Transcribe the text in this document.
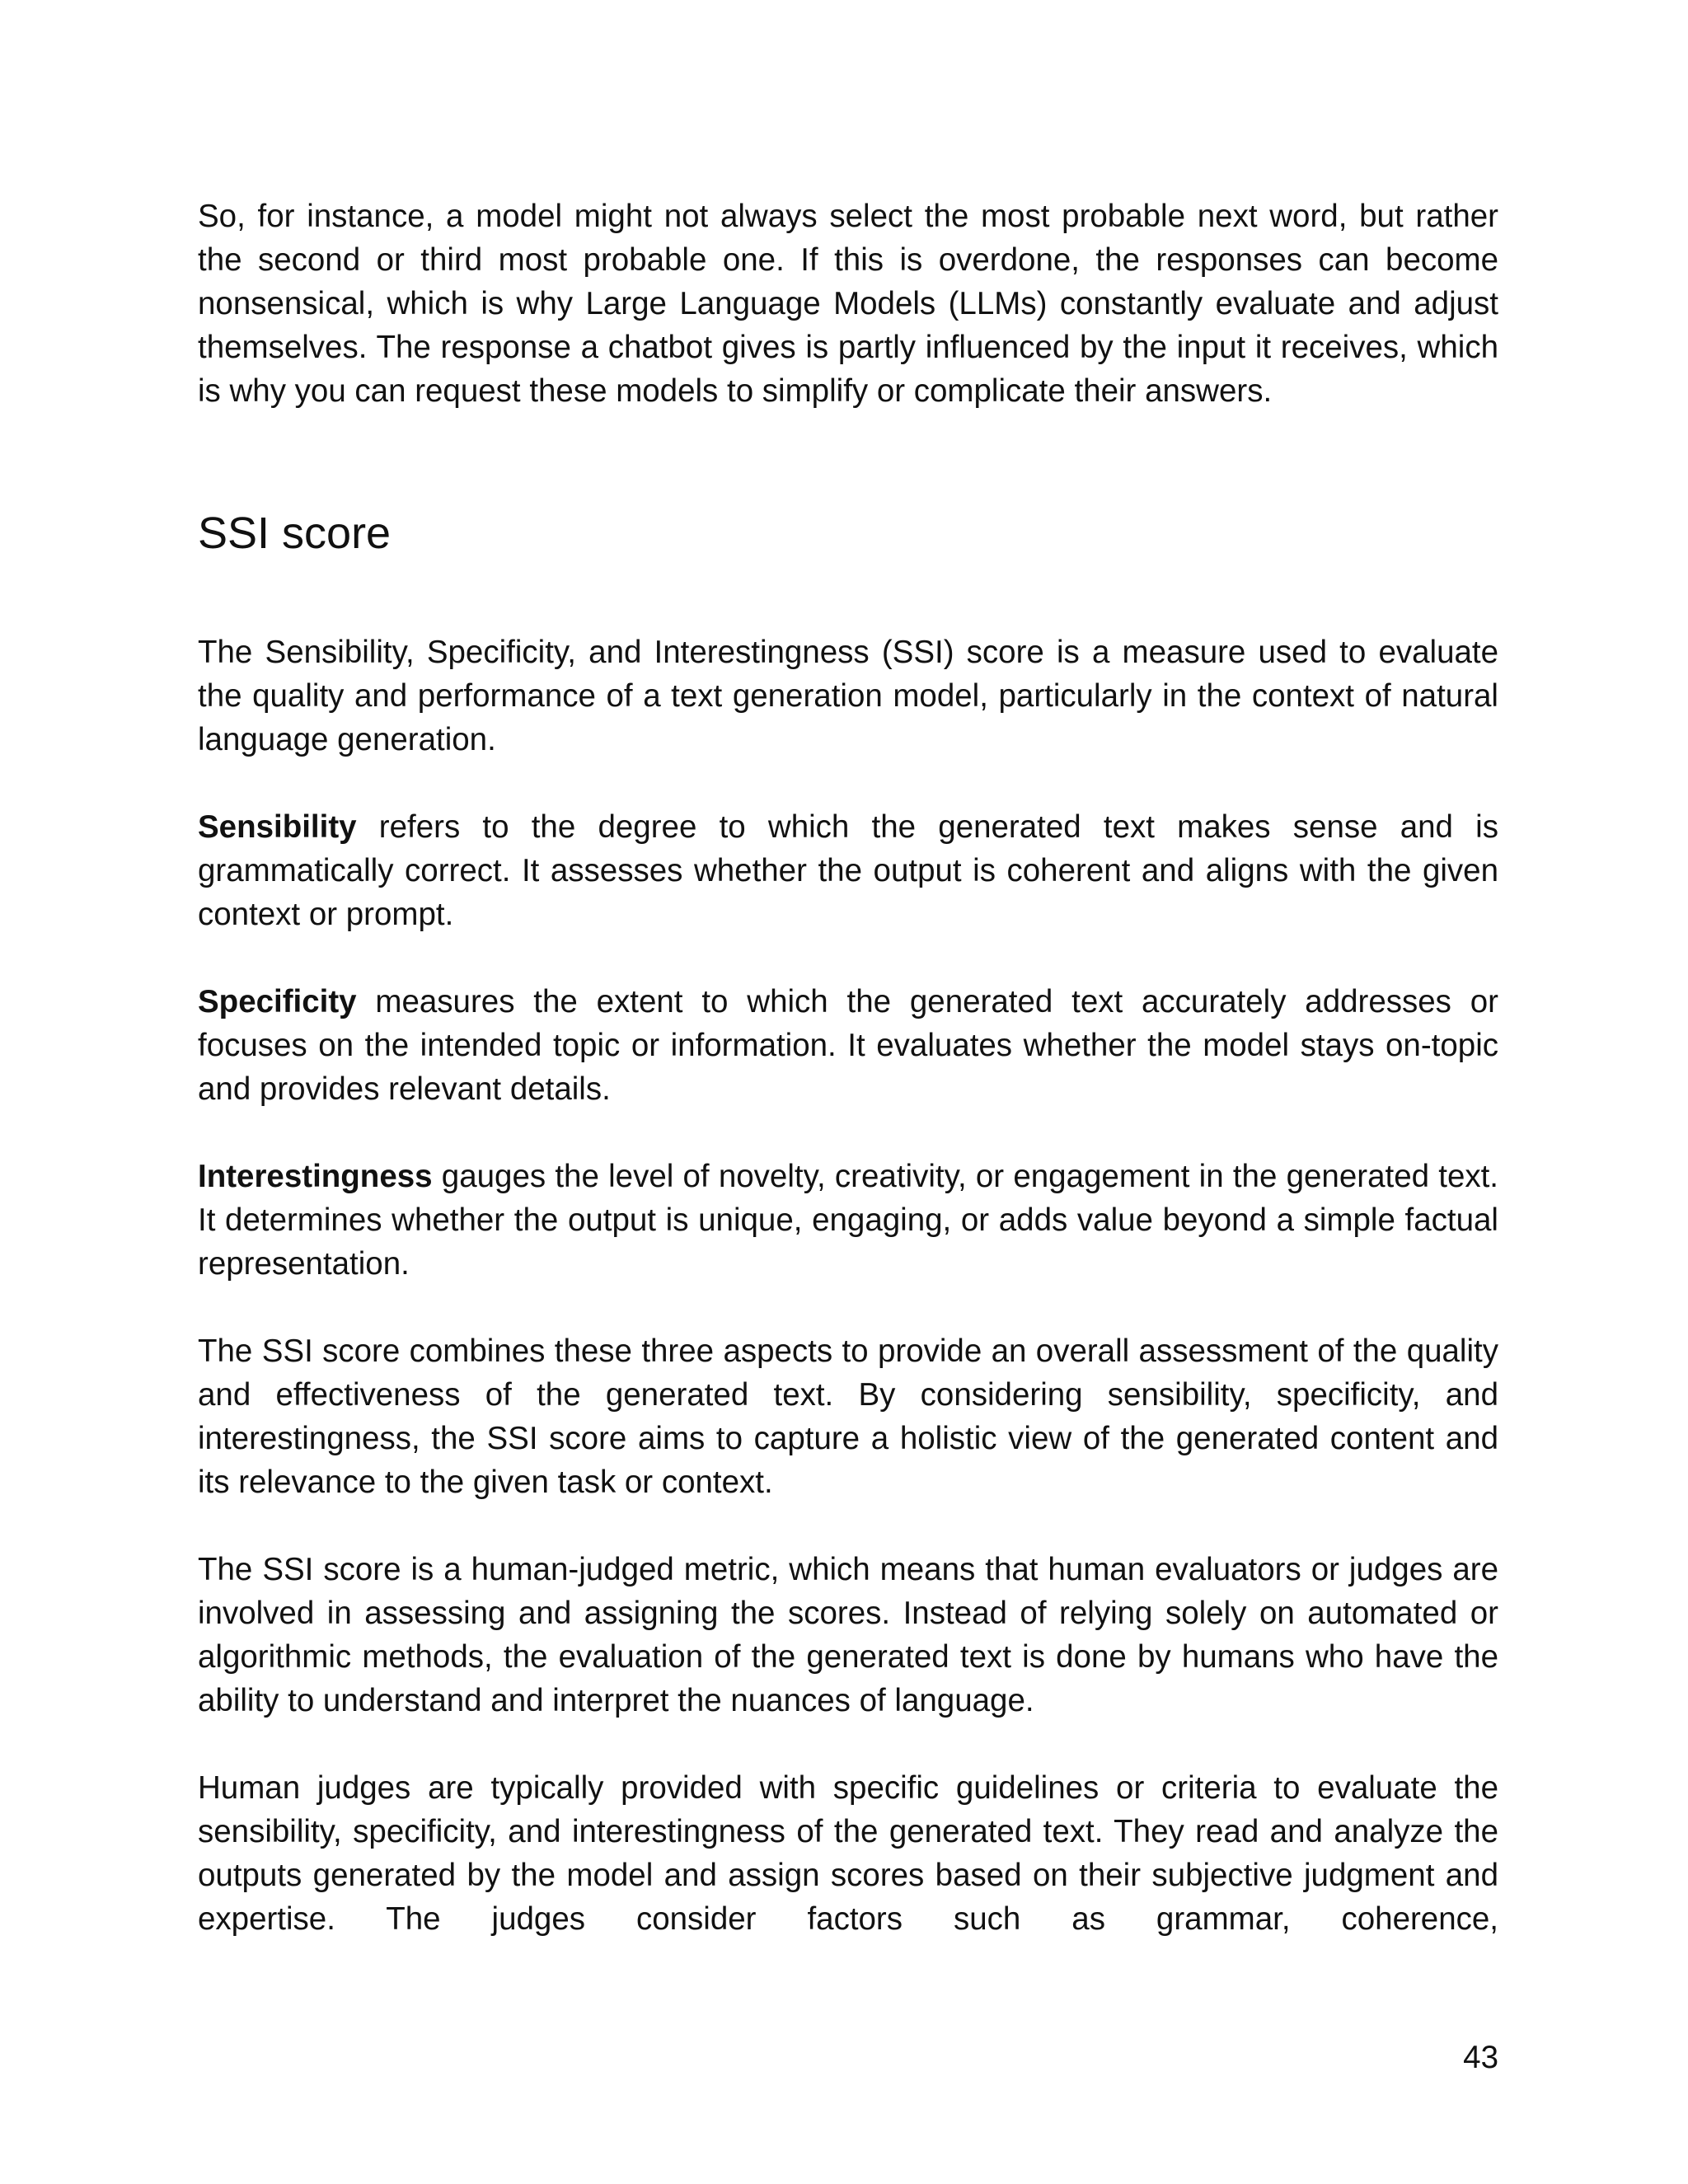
So, for instance, a model might not always select the most probable next word, but rather the second or third most probable one. If this is overdone, the responses can become nonsensical, which is why Large Language Models (LLMs) constantly evaluate and adjust themselves. The response a chatbot gives is partly influenced by the input it receives, which is why you can request these models to simplify or complicate their answers.

SSI score

The Sensibility, Specificity, and Interestingness (SSI) score is a measure used to evaluate the quality and performance of a text generation model, particularly in the context of natural language generation.

Sensibility refers to the degree to which the generated text makes sense and is grammatically correct. It assesses whether the output is coherent and aligns with the given context or prompt.

Specificity measures the extent to which the generated text accurately addresses or focuses on the intended topic or information. It evaluates whether the model stays on-topic and provides relevant details.

Interestingness gauges the level of novelty, creativity, or engagement in the generated text. It determines whether the output is unique, engaging, or adds value beyond a simple factual representation.

The SSI score combines these three aspects to provide an overall assessment of the quality and effectiveness of the generated text. By considering sensibility, specificity, and interestingness, the SSI score aims to capture a holistic view of the generated content and its relevance to the given task or context.

The SSI score is a human-judged metric, which means that human evaluators or judges are involved in assessing and assigning the scores. Instead of relying solely on automated or algorithmic methods, the evaluation of the generated text is done by humans who have the ability to understand and interpret the nuances of language.

Human judges are typically provided with specific guidelines or criteria to evaluate the sensibility, specificity, and interestingness of the generated text. They read and analyze the outputs generated by the model and assign scores based on their subjective judgment and expertise. The judges consider factors such as grammar, coherence,

43
